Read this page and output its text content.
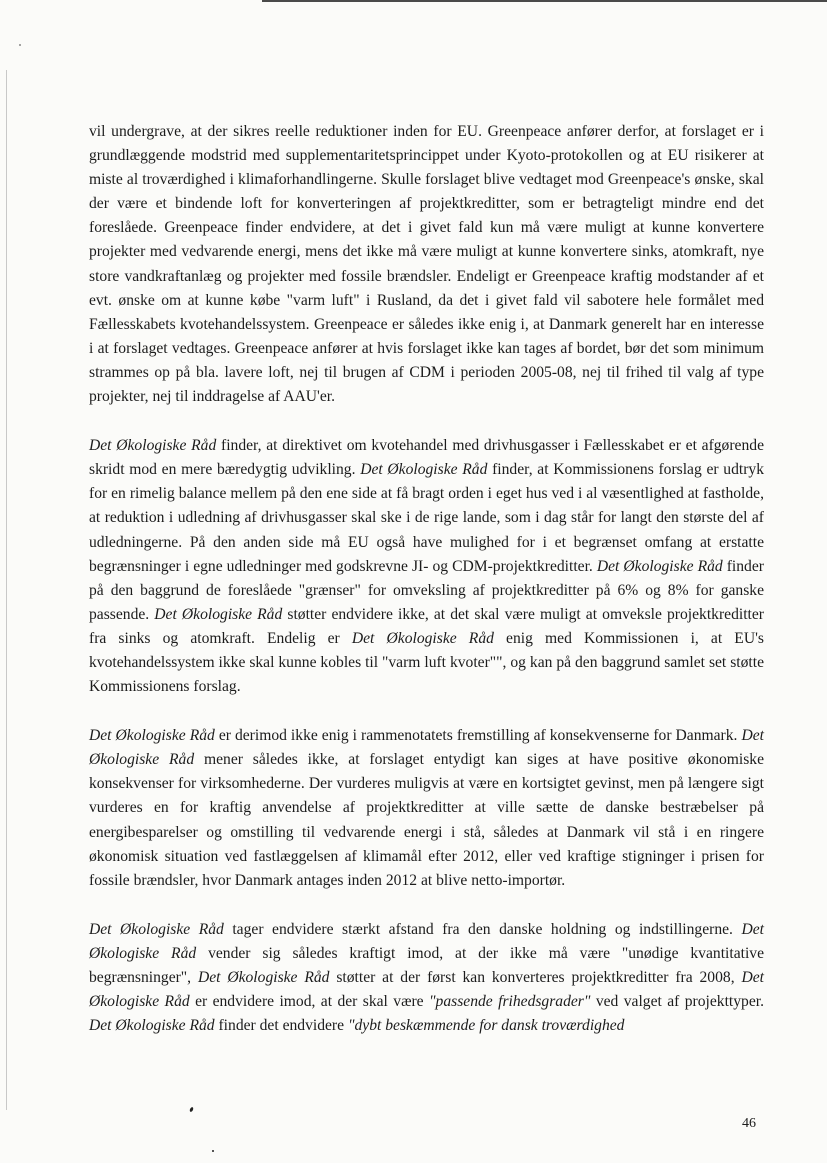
vil undergrave, at der sikres reelle reduktioner inden for EU. Greenpeace anfører derfor, at forslaget er i grundlæggende modstrid med supplementaritetsprincippet under Kyoto-protokollen og at EU risikerer at miste al troværdighed i klimaforhandlingerne. Skulle forslaget blive vedtaget mod Greenpeace's ønske, skal der være et bindende loft for konverteringen af projektkreditter, som er betragteligt mindre end det foreslåede. Greenpeace finder endvidere, at det i givet fald kun må være muligt at kunne konvertere projekter med vedvarende energi, mens det ikke må være muligt at kunne konvertere sinks, atomkraft, nye store vandkraftanlæg og projekter med fossile brændsler. Endeligt er Greenpeace kraftig modstander af et evt. ønske om at kunne købe "varm luft" i Rusland, da det i givet fald vil sabotere hele formålet med Fællesskabets kvotehandelssystem. Greenpeace er således ikke enig i, at Danmark generelt har en interesse i at forslaget vedtages. Greenpeace anfører at hvis forslaget ikke kan tages af bordet, bør det som minimum strammes op på bla. lavere loft, nej til brugen af CDM i perioden 2005-08, nej til frihed til valg af type projekter, nej til inddragelse af AAU'er.

Det Økologiske Råd finder, at direktivet om kvotehandel med drivhusgasser i Fællesskabet er et afgørende skridt mod en mere bæredygtig udvikling. Det Økologiske Råd finder, at Kommissionens forslag er udtryk for en rimelig balance mellem på den ene side at få bragt orden i eget hus ved i al væsentlighed at fastholde, at reduktion i udledning af drivhusgasser skal ske i de rige lande, som i dag står for langt den største del af udledningerne. På den anden side må EU også have mulighed for i et begrænset omfang at erstatte begrænsninger i egne udledninger med godskrevne JI- og CDM-projektkreditter. Det Økologiske Råd finder på den baggrund de foreslåede "grænser" for omveksling af projektkreditter på 6% og 8% for ganske passende. Det Økologiske Råd støtter endvidere ikke, at det skal være muligt at omveksle projektkreditter fra sinks og atomkraft. Endelig er Det Økologiske Råd enig med Kommissionen i, at EU's kvotehandelssystem ikke skal kunne kobles til "varm luft kvoter"", og kan på den baggrund samlet set støtte Kommissionens forslag.

Det Økologiske Råd er derimod ikke enig i rammenotatets fremstilling af konsekvenserne for Danmark. Det Økologiske Råd mener således ikke, at forslaget entydigt kan siges at have positive økonomiske konsekvenser for virksomhederne. Der vurderes muligvis at være en kortsigtet gevinst, men på længere sigt vurderes en for kraftig anvendelse af projektkreditter at ville sætte de danske bestræbelser på energibesparelser og omstilling til vedvarende energi i stå, således at Danmark vil stå i en ringere økonomisk situation ved fastlæggelsen af klimamål efter 2012, eller ved kraftige stigninger i prisen for fossile brændsler, hvor Danmark antages inden 2012 at blive netto-importør.

Det Økologiske Råd tager endvidere stærkt afstand fra den danske holdning og indstillingerne. Det Økologiske Råd vender sig således kraftigt imod, at der ikke må være "unødige kvantitative begrænsninger", Det Økologiske Råd støtter at der først kan konverteres projektkreditter fra 2008, Det Økologiske Råd er endvidere imod, at der skal være "passende frihedsgrader" ved valget af projekttyper. Det Økologiske Råd finder det endvidere "dybt beskæmmende for dansk troværdighed

46
